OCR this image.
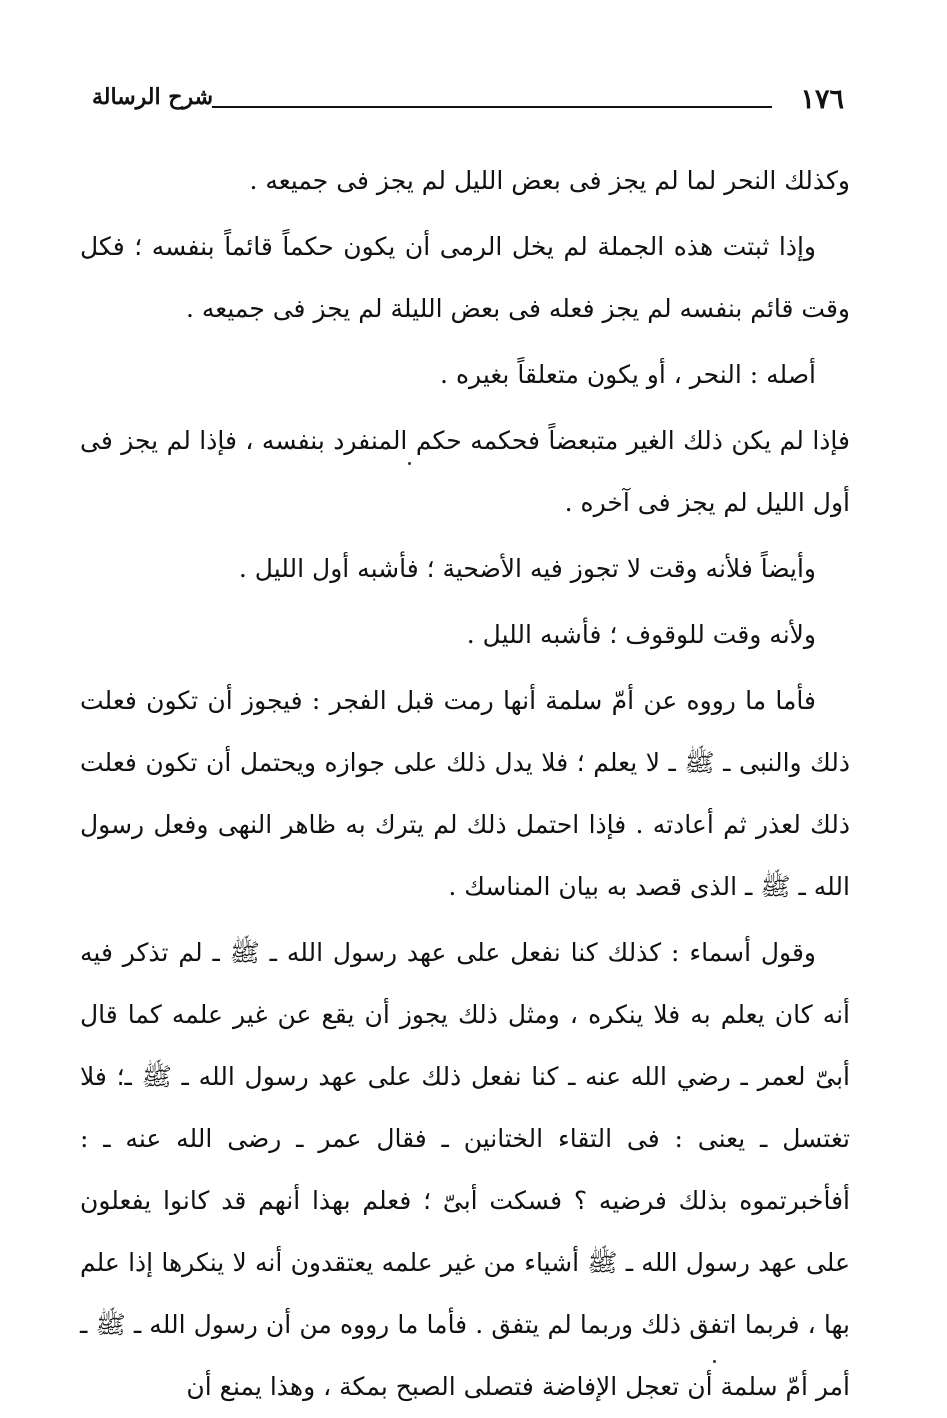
١٧٦
شرح الرسالة

وكذلك النحر لما لم يجز فى بعض الليل لم يجز فى جميعه .

وإذا ثبتت هذه الجملة لم يخل الرمى أن يكون حكماً قائماً بنفسه ؛ فكل وقت قائم بنفسه لم يجز فعله فى بعض الليلة لم يجز فى جميعه .

أصله : النحر ، أو يكون متعلقاً بغيره .

فإذا لم يكن ذلك الغير متبعضاً فحكمه حكم المنفرد بنفسه ، فإذا لم يجز فى أول الليل لم يجز فى آخره .

وأيضاً فلأنه وقت لا تجوز فيه الأضحية ؛ فأشبه أول الليل .

ولأنه وقت للوقوف ؛ فأشبه الليل .

فأما ما رووه عن أمّ سلمة أنها رمت قبل الفجر : فيجوز أن تكون فعلت ذلك والنبى ـ ﷺ ـ لا يعلم ؛ فلا يدل ذلك على جوازه ويحتمل أن تكون فعلت ذلك لعذر ثم أعادته . فإذا احتمل ذلك لم يترك به ظاهر النهى وفعل رسول الله ـ ﷺ ـ الذى قصد به بيان المناسك .

وقول أسماء : كذلك كنا نفعل على عهد رسول الله ـ ﷺ ـ لم تذكر فيه أنه كان يعلم به فلا ينكره ، ومثل ذلك يجوز أن يقع عن غير علمه كما قال أبىّ لعمر ـ رضي الله عنه ـ كنا نفعل ذلك على عهد رسول الله ـ ﷺ ـ؛ فلا تغتسل ـ يعنى : فى التقاء الختانين ـ فقال عمر ـ رضى الله عنه ـ : أفأخبرتموه بذلك فرضيه ؟ فسكت أبىّ ؛ فعلم بهذا أنهم قد كانوا يفعلون على عهد رسول الله ـ ﷺ أشياء من غير علمه يعتقدون أنه لا ينكرها إذا علم بها ، فربما اتفق ذلك وربما لم يتفق . فأما ما رووه من أن رسول الله ـ ﷺ ـ أمر أمّ سلمة أن تعجل الإفاضة فتصلى الصبح بمكة ، وهذا يمنع أن
